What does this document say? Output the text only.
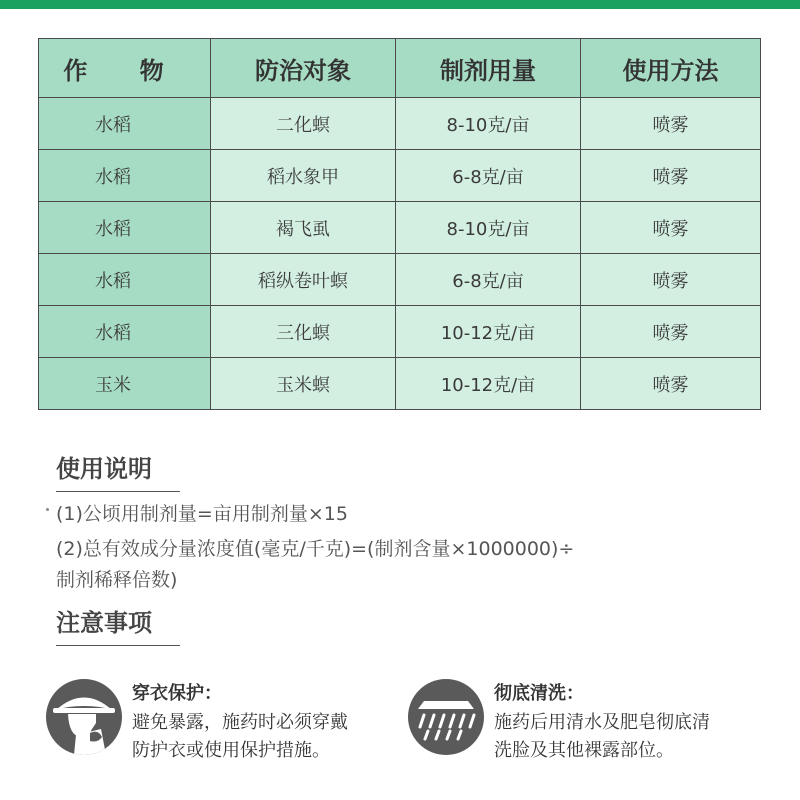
作 物	防治对象	制剂用量	使用方法
水稻	二化螟	8-10克/亩	喷雾
水稻	稻水象甲	6-8克/亩	喷雾
水稻	褐飞虱	8-10克/亩	喷雾
水稻	稻纵卷叶螟	6-8克/亩	喷雾
水稻	三化螟	10-12克/亩	喷雾
玉米	玉米螟	10-12克/亩	喷雾
使用说明
(1)公顷用制剂量=亩用制剂量×15
(2)总有效成分量浓度值(毫克/千克)=(制剂含量×1000000)÷
制剂稀释倍数)
注意事项
穿衣保护：
避免暴露，施药时必须穿戴
防护衣或使用保护措施。
彻底清洗：
施药后用清水及肥皂彻底清
洗脸及其他裸露部位。
